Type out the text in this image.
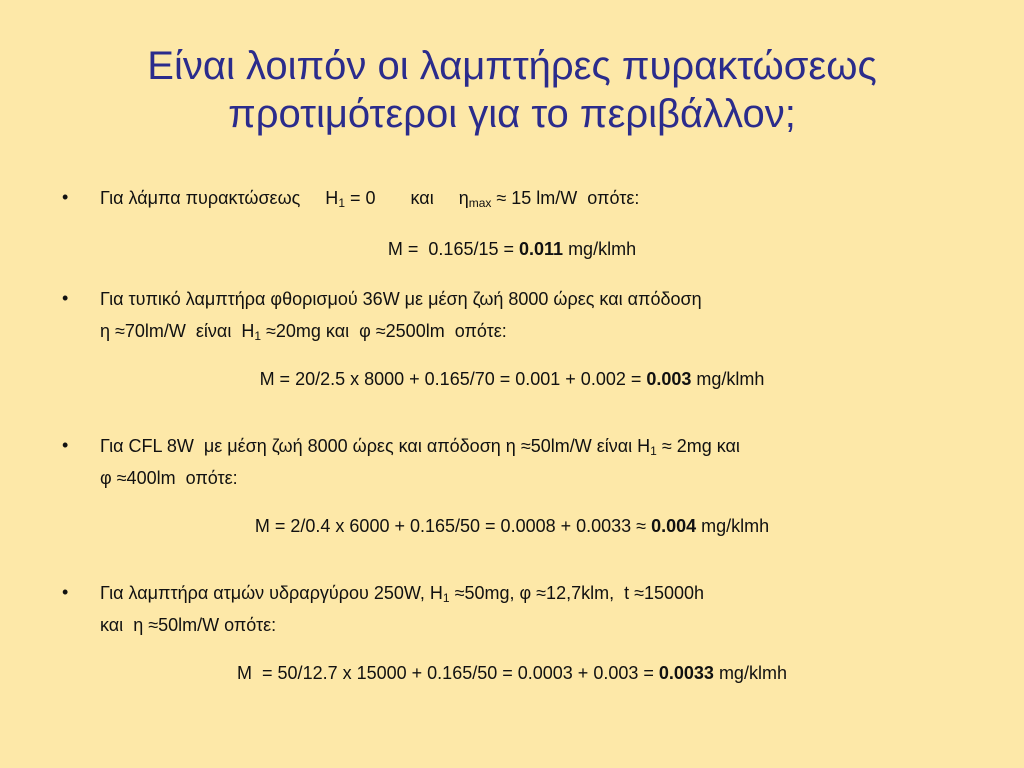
Είναι λοιπόν οι λαμπτήρες πυρακτώσεως
προτιμότεροι για το περιβάλλον;
• Για λάμπα πυρακτώσεως     $H_1 = 0$       και     $\eta_{max} \approx 15$ lm/W  οπότε:
M =  0.165/15 = 0.011 mg/klmh
• Για τυπικό λαμπτήρα φθορισμού 36W με μέση ζωή 8000 ώρες και απόδοση
η ≈70lm/W  είναι  $H_1 \approx 20mg$ και  φ ≈2500lm  οπότε:
M = 20/2.5 x 8000 + 0.165/70 = 0.001 + 0.002 = 0.003 mg/klmh
• Για CFL 8W  με μέση ζωή 8000 ώρες και απόδοση η ≈50lm/W είναι $H_1 \approx 2mg$ και
φ ≈400lm  οπότε:
M = 2/0.4 x 6000 + 0.165/50 = 0.0008 + 0.0033 ≈ 0.004 mg/klmh
• Για λαμπτήρα ατμών υδραργύρου 250W, $H_1 \approx 50mg$, φ ≈12,7klm,  t ≈15000h
και  η ≈50lm/W οπότε:
M  = 50/12.7 x 15000 + 0.165/50 = 0.0003 + 0.003 = 0.0033 mg/klmh
